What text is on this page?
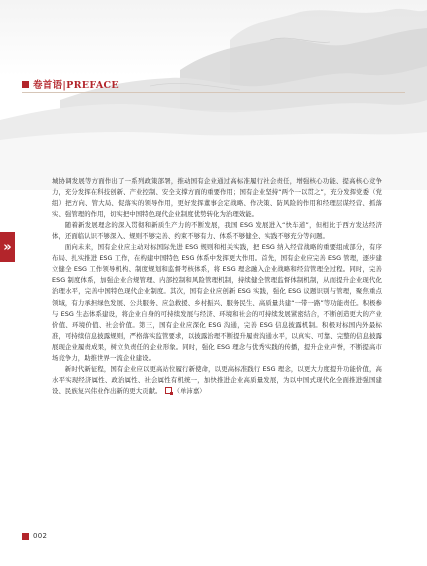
卷首语|PREFACE
»

城协调发展等方面作出了一系列政策部署，推动国有企业通过高标准履行社会责任，增强核心功能、提高核心竞争力，充分发挥在科技创新、产业控制、安全支撑方面的重要作用；国有企业坚持“两个一以贯之”，充分发挥党委（党组）把方向、管大局、促落实的领导作用，更好发挥董事会定战略、作决策、防风险的作用和经理层谋经营、抓落实、强管理的作用，切实把中国特色现代企业制度优势转化为治理效能。

随着新发展理念的深入贯彻和新质生产力的不断发展，我国 ESG 发展进入“快车道”，但相比于西方发达经济体，还面临认识不够深入、规则不够完善、约束不够有力、体系不够健全、实践不够充分等问题。

面向未来，国有企业应主动对标国际先进 ESG 规则和相关实践，把 ESG 纳入经营战略的重要组成部分，有序布局、扎实推进 ESG 工作，在构建中国特色 ESG 体系中发挥更大作用。首先，国有企业应完善 ESG 管理，逐步建立健全 ESG 工作领导机构、制度规划和监督考核体系，将 ESG 理念融入企业战略和经营管理全过程。同时，完善 ESG 制度体系，加强企业合规管理、内部控制和风险管理机制，持续健全管理监督体制机制，从而提升企业现代化治理水平，完善中国特色现代企业制度。其次，国有企业应创新 ESG 实践，强化 ESG 议题识别与管理，聚焦重点领域，有力承担绿色发展、公共服务、应急救援、乡村振兴、服务民生、高质量共建“一带一路”等功能责任。积极参与 ESG 生态体系建设，将企业自身的可持续发展与经济、环境和社会的可持续发展紧密结合，不断创造更大的产业价值、环境价值、社会价值。第三，国有企业应深化 ESG 沟通，完善 ESG 信息披露机制。积极对标国内外最标准，可持续信息披露规则，严格落实监管要求，以披露治理不断提升履责沟通水平，以真实、可靠、完整的信息披露展现企业履责成果，树立负责任的企业形象。同时，强化 ESG 理念与优秀实践的传播，提升企业声誉，不断提高市场竞争力，助推世界一流企业建设。

新时代新征程，国有企业应以更高站位履行新使命，以更高标准践行 ESG 理念，以更大力度提升功能价值，高水平实现经济属性、政治属性、社会属性有机统一，加快推进企业高质量发展，为以中国式现代化全面推进强国建设、民族复兴伟业作出新的更大贡献。 （单沛嘉）

002
